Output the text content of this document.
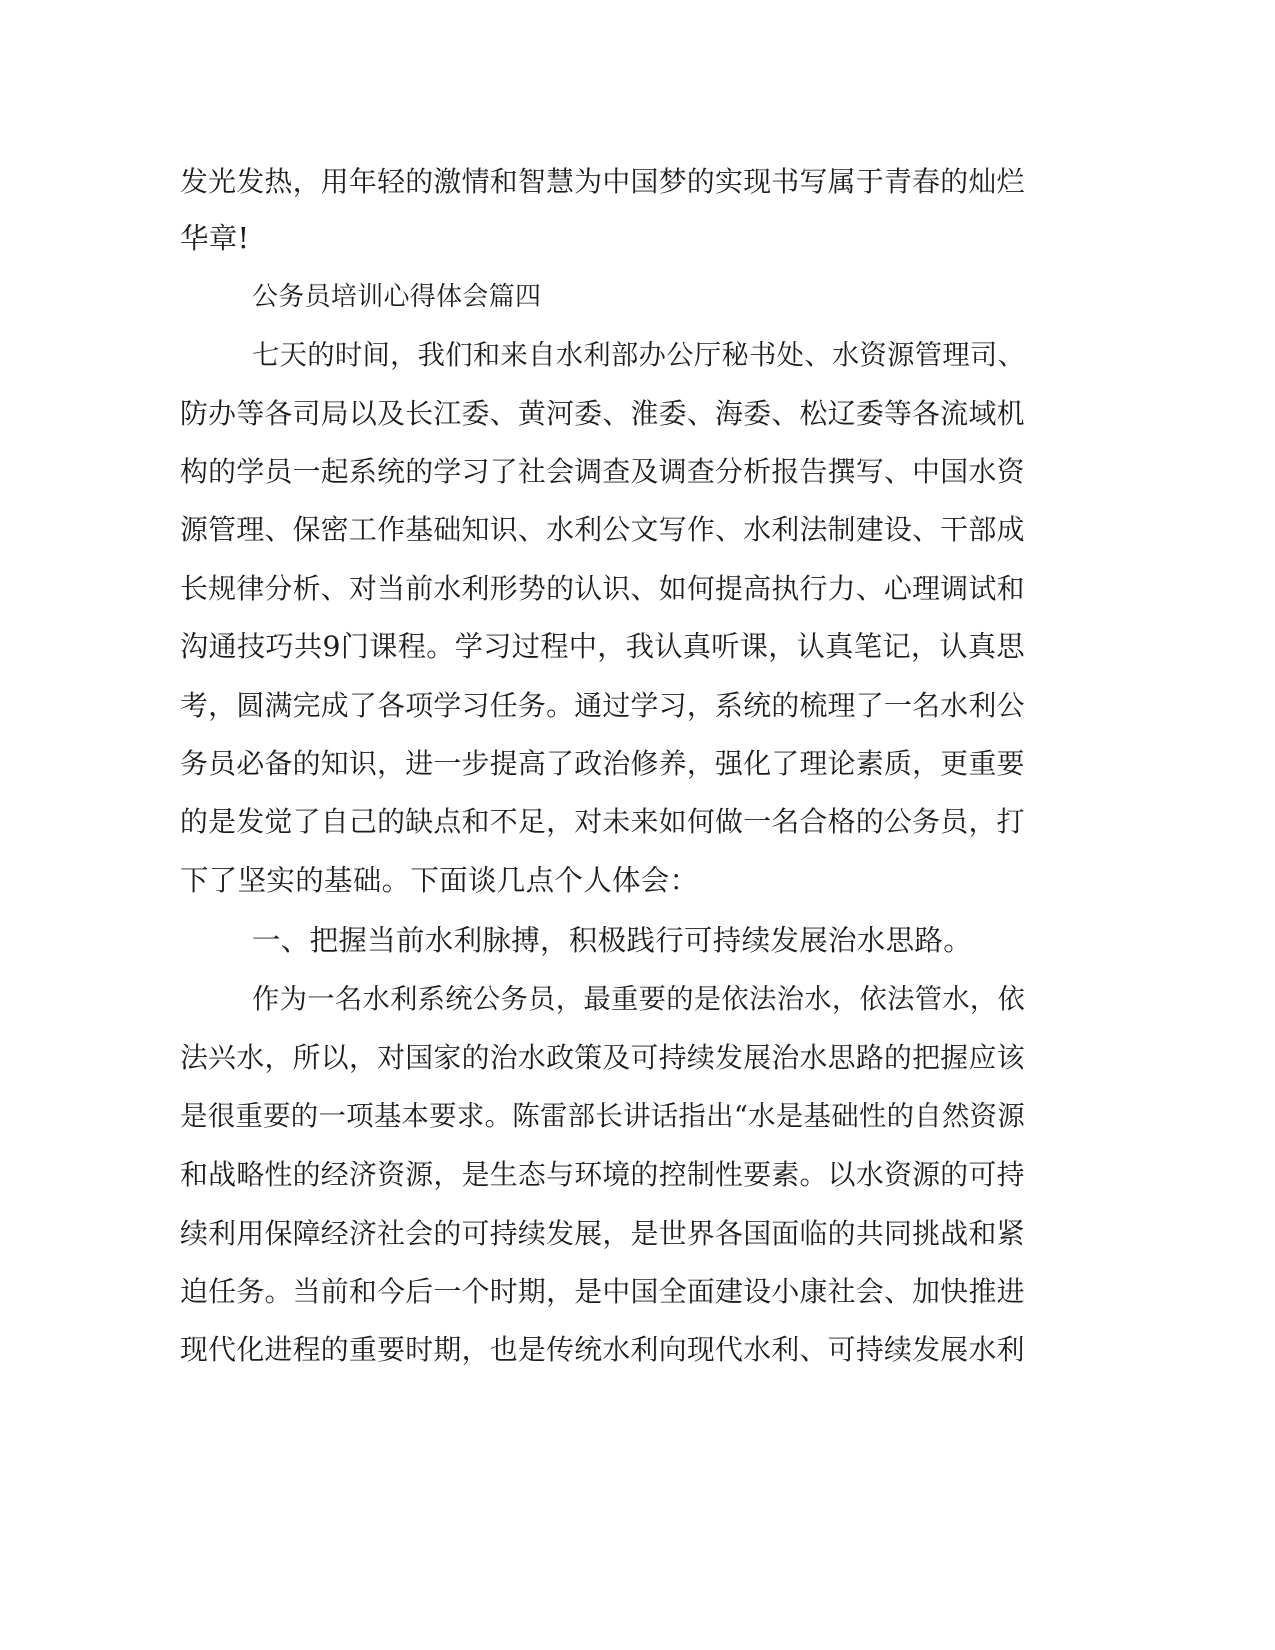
发光发热，用年轻的激情和智慧为中国梦的实现书写属于青春的灿烂
华章!
公务员培训心得体会篇四
七天的时间，我们和来自水利部办公厅秘书处、水资源管理司、
防办等各司局以及长江委、黄河委、淮委、海委、松辽委等各流域机
构的学员一起系统的学习了社会调查及调查分析报告撰写、中国水资
源管理、保密工作基础知识、水利公文写作、水利法制建设、干部成
长规律分析、对当前水利形势的认识、如何提高执行力、心理调试和
沟通技巧共9门课程。学习过程中，我认真听课，认真笔记，认真思
考，圆满完成了各项学习任务。通过学习，系统的梳理了一名水利公
务员必备的知识，进一步提高了政治修养，强化了理论素质，更重要
的是发觉了自己的缺点和不足，对未来如何做一名合格的公务员，打
下了坚实的基础。下面谈几点个人体会：
一、把握当前水利脉搏，积极践行可持续发展治水思路。
作为一名水利系统公务员，最重要的是依法治水，依法管水，依
法兴水，所以，对国家的治水政策及可持续发展治水思路的把握应该
是很重要的一项基本要求。陈雷部长讲话指出“水是基础性的自然资源
和战略性的经济资源，是生态与环境的控制性要素。以水资源的可持
续利用保障经济社会的可持续发展，是世界各国面临的共同挑战和紧
迫任务。当前和今后一个时期，是中国全面建设小康社会、加快推进
现代化进程的重要时期，也是传统水利向现代水利、可持续发展水利
